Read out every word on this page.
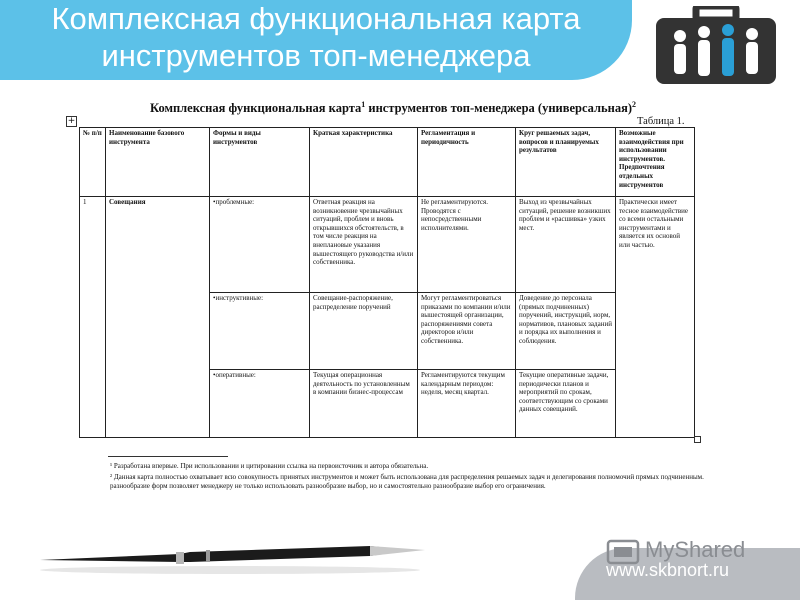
Комплексная функциональная карта инструментов топ-менеджера
Комплексная функциональная карта$^1$ инструментов топ-менеджера (универсальная)$^2$
Таблица 1.
+
№ п/п	Наименование базового инструмента	Формы и виды инструментов	Краткая характеристика	Регламентация и периодичность	Круг решаемых задач, вопросов и планируемых результатов	Возможные взаимодействия при использовании инструментов. Предпочтения отдельных инструментов
1	Совещания	•проблемные:	Ответная реакция на возникновение чрезвычайных ситуаций, проблем и вновь открывшихся обстоятельств, в том числе реакция на внеплановые указания вышестоящего руководства и/или собственника.	Не регламентируются. Проводятся с непосредственными исполнителями.	Выход из чрезвычайных ситуаций, решение возникших проблем и «расшивка» узких мест.	Практически имеет тесное взаимодействие со всеми остальными инструментами и является их основой или частью.
		•инструктивные:	Совещание-распоряжение, распределение поручений	Могут регламентироваться приказами по компании и/или вышестоящей организации, распоряжениями совета директоров и/или собственника.	Доведение до персонала (прямых подчиненных) поручений, инструкций, норм, нормативов, плановых заданий и порядка их выполнения и соблюдения.	
		•оперативные:	Текущая операционная деятельность по установленным в компании бизнес-процессам	Регламентируются текущим календарным периодом: неделя, месяц квартал.	Текущие оперативные задачи, периодически планов и мероприятий по срокам, соответствующим со сроками данных совещаний.	

¹ Разработана впервые. При использовании и цитировании ссылка на первоисточник и автора обязательна.

² Данная карта полностью охватывает всю совокупность принятых инструментов и может быть использована для распределения решаемых задач и делегирования полномочий прямых подчиненным. разнообразие форм позволяет менеджеру не только использовать разнообразие выбор, но и самостоятельно разнообразие выбор его ограничения.

MyShared
www.skbnort.ru
